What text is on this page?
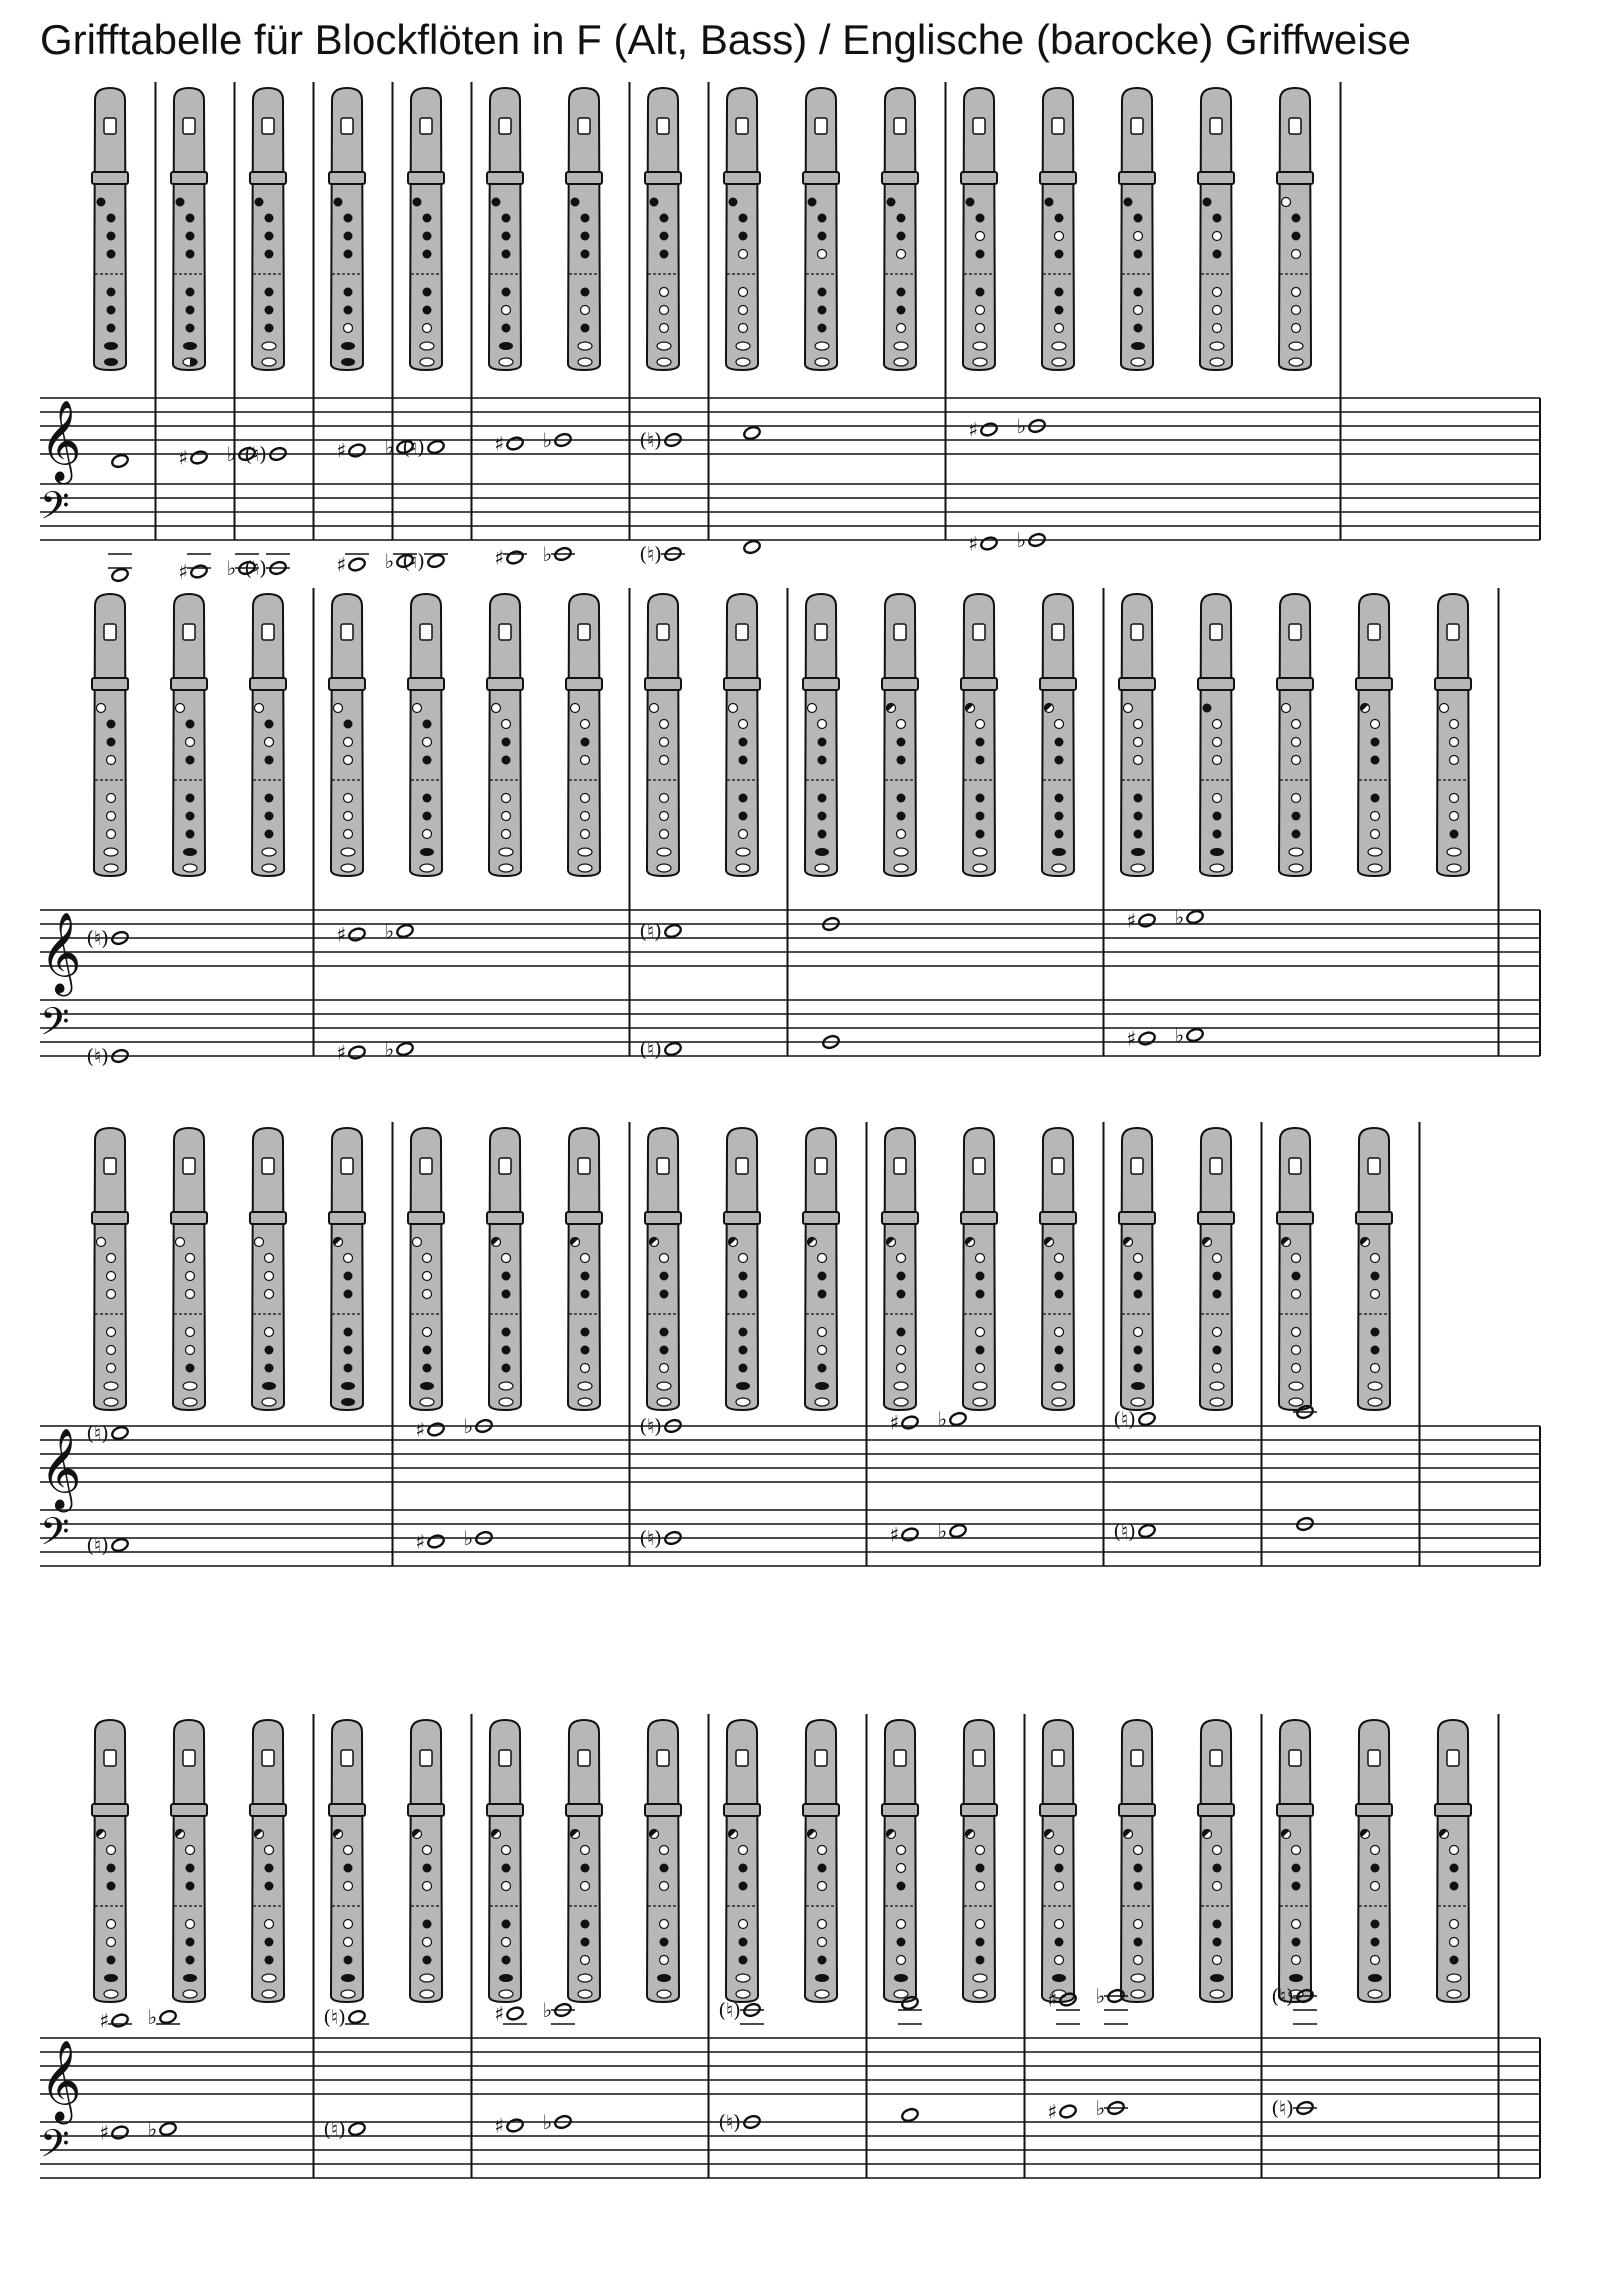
Grifftabelle für Blockflöten in F (Alt, Bass) / Englische (barocke) Griffweise
𝄞
𝄢
♯ ♭
♯ ♭
(♮)
(♮)
♯ ♭
♯ ♭
(♮)
(♮)
♯ ♭
♯ ♭
(♮)
(♮)
♯ ♭
♯ ♭
𝄞
𝄢
(♮)
(♮)
♯ ♭
♯ ♭
(♮)
(♮)
♯ ♭
♯ ♭
𝄞
𝄢
(♮)
(♮)
♯ ♭
♯ ♭
(♮)
(♮)
♯ ♭
♯ ♭
(♮)
(♮)
𝄞
𝄢
♯ ♭
♯ ♭
(♮)
(♮)
♯ ♭
♯ ♭
(♮)
(♮)
♯ ♭
♯ ♭
(♮)
(♮)
